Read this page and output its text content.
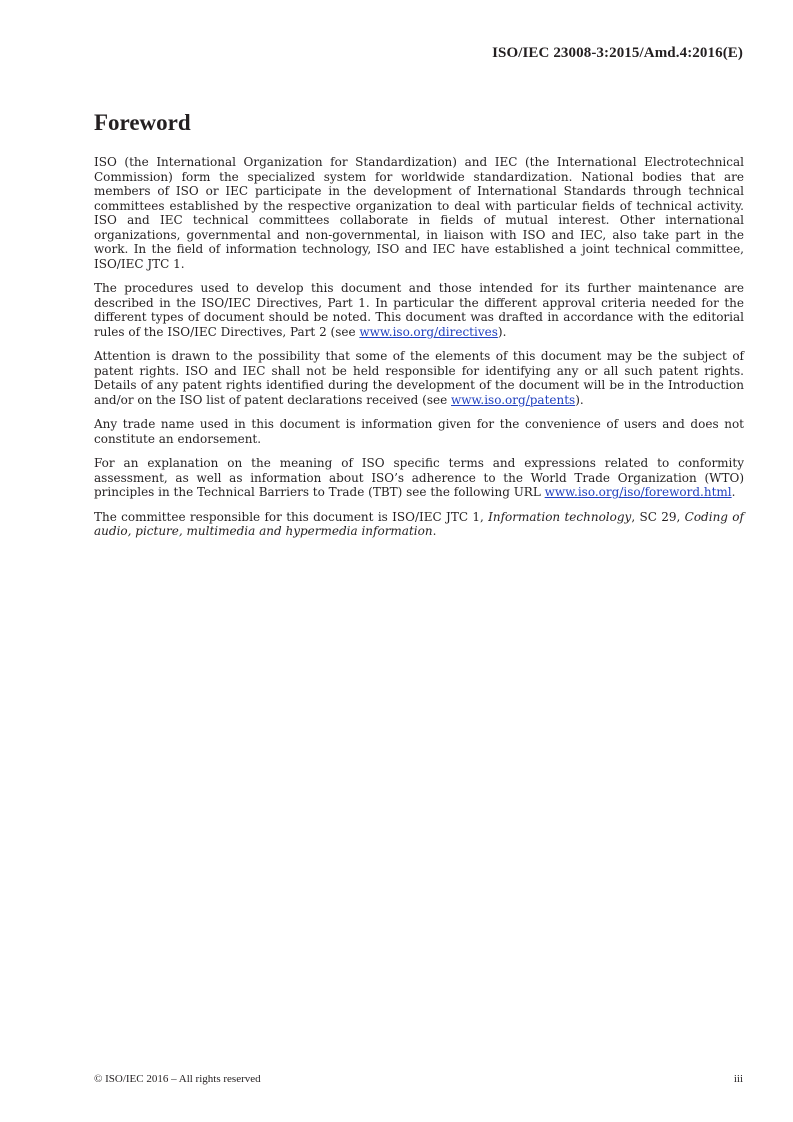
ISO/IEC 23008-3:2015/Amd.4:2016(E)
Foreword

ISO (the International Organization for Standardization) and IEC (the International Electrotechnical Commission) form the specialized system for worldwide standardization. National bodies that are members of ISO or IEC participate in the development of International Standards through technical committees established by the respective organization to deal with particular fields of technical activity. ISO and IEC technical committees collaborate in fields of mutual interest. Other international organizations, governmental and non-governmental, in liaison with ISO and IEC, also take part in the work. In the field of information technology, ISO and IEC have established a joint technical committee, ISO/IEC JTC 1.

The procedures used to develop this document and those intended for its further maintenance are described in the ISO/IEC Directives, Part 1. In particular the different approval criteria needed for the different types of document should be noted. This document was drafted in accordance with the editorial rules of the ISO/IEC Directives, Part 2 (see www.iso.org/directives).

Attention is drawn to the possibility that some of the elements of this document may be the subject of patent rights. ISO and IEC shall not be held responsible for identifying any or all such patent rights. Details of any patent rights identified during the development of the document will be in the Introduction and/or on the ISO list of patent declarations received (see www.iso.org/patents).

Any trade name used in this document is information given for the convenience of users and does not constitute an endorsement.

For an explanation on the meaning of ISO specific terms and expressions related to conformity assessment, as well as information about ISO’s adherence to the World Trade Organization (WTO) principles in the Technical Barriers to Trade (TBT) see the following URL www.iso.org/iso/foreword.html.

The committee responsible for this document is ISO/IEC JTC 1, Information technology, SC 29, Coding of audio, picture, multimedia and hypermedia information.

© ISO/IEC 2016 – All rights reserved	iii
